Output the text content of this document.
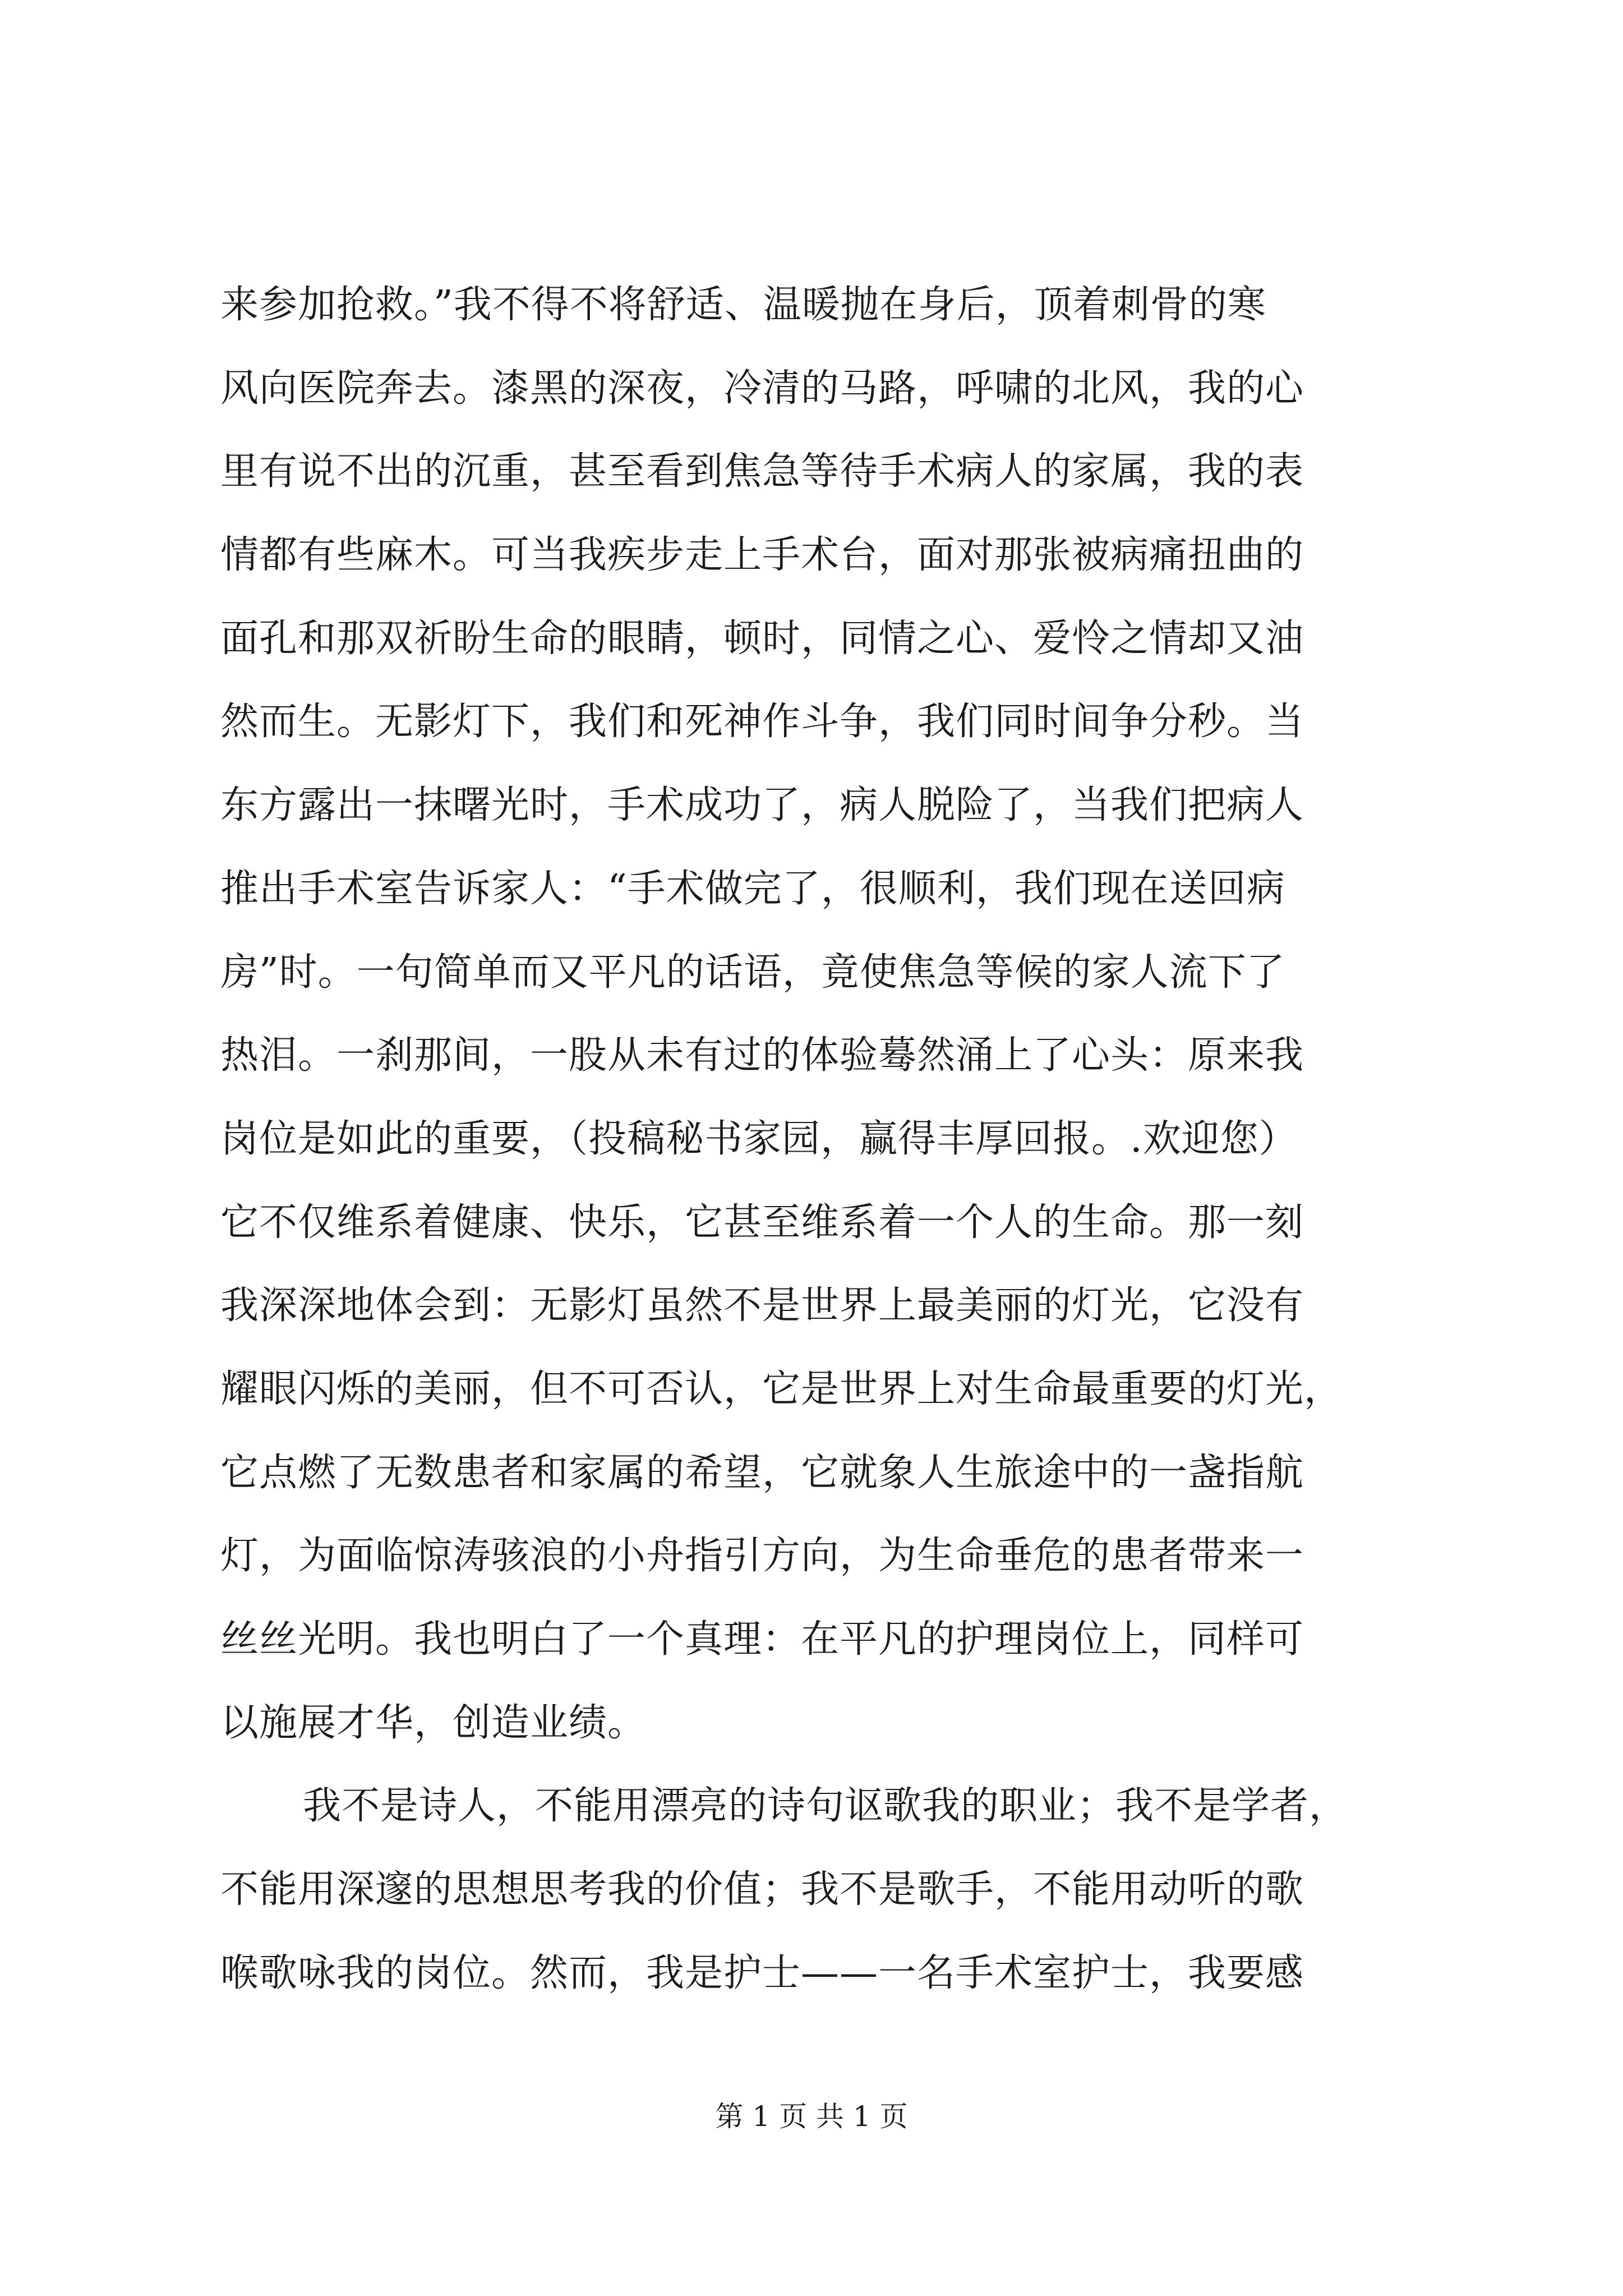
来参加抢救。”我不得不将舒适、温暖抛在身后，顶着刺骨的寒
风向医院奔去。漆黑的深夜，冷清的马路，呼啸的北风，我的心
里有说不出的沉重，甚至看到焦急等待手术病人的家属，我的表
情都有些麻木。可当我疾步走上手术台，面对那张被病痛扭曲的
面孔和那双祈盼生命的眼睛，顿时，同情之心、爱怜之情却又油
然而生。无影灯下，我们和死神作斗争，我们同时间争分秒。当
东方露出一抹曙光时，手术成功了，病人脱险了，当我们把病人
推出手术室告诉家人：“手术做完了，很顺利，我们现在送回病
房”时。一句简单而又平凡的话语，竟使焦急等候的家人流下了
热泪。一刹那间，一股从未有过的体验蓦然涌上了心头：原来我
岗位是如此的重要，（投稿秘书家园，赢得丰厚回报。.欢迎您）
它不仅维系着健康、快乐，它甚至维系着一个人的生命。那一刻
我深深地体会到：无影灯虽然不是世界上最美丽的灯光，它没有
耀眼闪烁的美丽，但不可否认，它是世界上对生命最重要的灯光，
它点燃了无数患者和家属的希望，它就象人生旅途中的一盏指航
灯，为面临惊涛骇浪的小舟指引方向，为生命垂危的患者带来一
丝丝光明。我也明白了一个真理：在平凡的护理岗位上，同样可
以施展才华，创造业绩。
我不是诗人，不能用漂亮的诗句讴歌我的职业；我不是学者，
不能用深邃的思想思考我的价值；我不是歌手，不能用动听的歌
喉歌咏我的岗位。然而，我是护士——一名手术室护士，我要感
第 1 页 共 1 页
